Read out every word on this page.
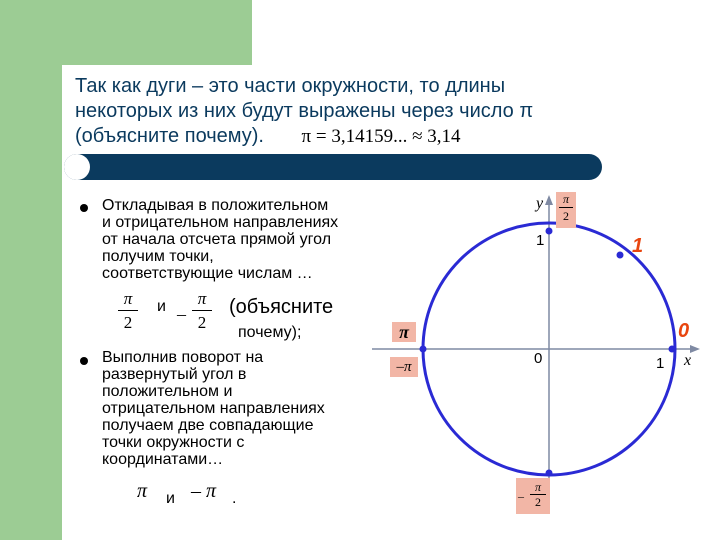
Так как дуги – это части окружности, то длины
некоторых из них будут выражены через число π
(объясните почему). π = 3,14159... ≈ 3,14
Откладывая в положительном
и отрицательном направлениях
от начала отсчета прямой угол
получим точки,
соответствующие числам …
π
2
и –
π
2
(объясните
почему);
Выполнив поворот на
развернутый угол в
положительном и
отрицательном направлениях
получаем две совпадающие
точки окружности с
координатами…
π и – π .
y
x
0
1
1
π
2
–
π
2
π
–π
1
0
